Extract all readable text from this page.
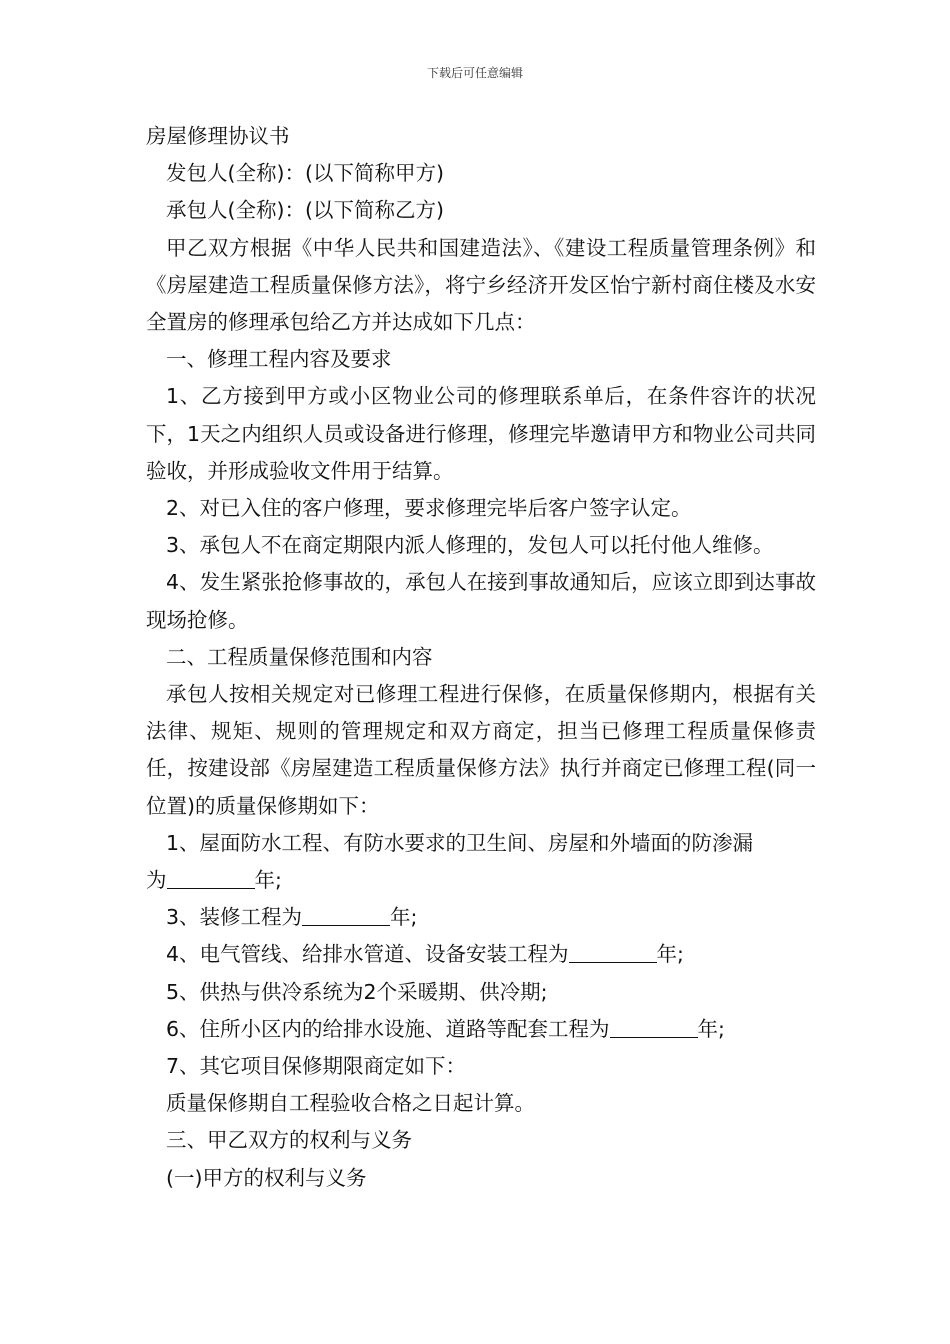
下载后可任意编辑

房屋修理协议书

发包人(全称)：(以下简称甲方)

承包人(全称)：(以下简称乙方)

甲乙双方根据《中华人民共和国建造法》、《建设工程质量管理条例》和《房屋建造工程质量保修方法》，将宁乡经济开发区怡宁新村商住楼及水安全置房的修理承包给乙方并达成如下几点：

一、修理工程内容及要求

1、乙方接到甲方或小区物业公司的修理联系单后，在条件容许的状况下，1天之内组织人员或设备进行修理，修理完毕邀请甲方和物业公司共同验收，并形成验收文件用于结算。

2、对已入住的客户修理，要求修理完毕后客户签字认定。

3、承包人不在商定期限内派人修理的，发包人可以托付他人维修。

4、发生紧张抢修事故的，承包人在接到事故通知后，应该立即到达事故现场抢修。

二、工程质量保修范围和内容

承包人按相关规定对已修理工程进行保修，在质量保修期内，根据有关法律、规矩、规则的管理规定和双方商定，担当已修理工程质量保修责任，按建设部《房屋建造工程质量保修方法》执行并商定已修理工程(同一位置)的质量保修期如下：

1、屋面防水工程、有防水要求的卫生间、房屋和外墙面的防渗漏

为	年;

3、装修工程为	年;

4、电气管线、给排水管道、设备安装工程为	年;

5、供热与供冷系统为2个采暖期、供冷期;

6、住所小区内的给排水设施、道路等配套工程为	年;

7、其它项目保修期限商定如下：

质量保修期自工程验收合格之日起计算。

三、甲乙双方的权利与义务

(一)甲方的权利与义务
